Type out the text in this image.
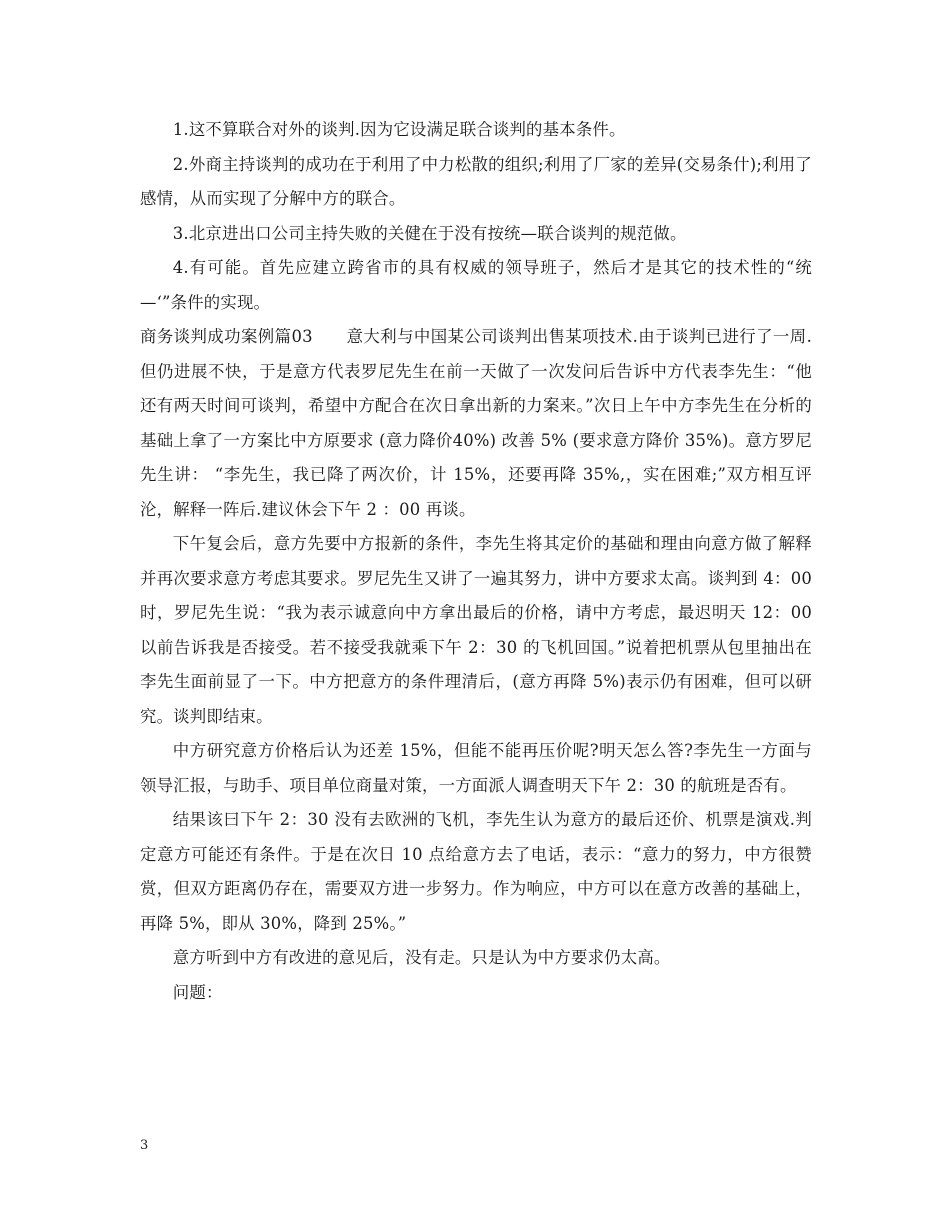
1.这不算联合对外的谈判.因为它设满足联合谈判的基本条件。

2.外商主持谈判的成功在于利用了中力松散的组织;利用了厂家的差异(交易条什);利用了感情，从而实现了分解中方的联合。

3.北京进出口公司主持失败的关健在于没有按统—联合谈判的规范做。

4.有可能。首先应建立跨省市的具有权威的领导班子，然后才是其它的技术性的“统—‘”条件的实现。

商务谈判成功案例篇03　　意大利与中国某公司谈判出售某项技术.由于谈判已进行了一周.但仍进展不快，于是意方代表罗尼先生在前一天做了一次发问后告诉中方代表李先生：“他还有两天时间可谈判，希望中方配合在次日拿出新的力案来。”次日上午中方李先生在分析的基础上拿了一方案比中方原要求 (意力降价40%) 改善 5% (要求意方降价 35%)。意方罗尼先生讲： “李先生，我已降了两次价，计 15%，还要再降 35%,，实在困难;”双方相互评沦，解释一阵后.建议休会下午 2 ：00 再谈。

下午复会后，意方先要中方报新的条件，李先生将其定价的基础和理由向意方做了解释并再次要求意方考虑其要求。罗尼先生又讲了一遍其努力，讲中方要求太高。谈判到 4：00 时，罗尼先生说：“我为表示诚意向中方拿出最后的价格，请中方考虑，最迟明天 12：00 以前告诉我是否接受。若不接受我就乘下午 2：30 的飞机回国。”说着把机票从包里抽出在李先生面前显了一下。中方把意方的条件理清后，(意方再降 5%)表示仍有困难，但可以研究。谈判即结束。

中方研究意方价格后认为还差 15%，但能不能再压价呢?明天怎么答?李先生一方面与领导汇报，与助手、项目单位商量对策，一方面派人调查明天下午 2：30 的航班是否有。

结果该曰下午 2：30 没有去欧洲的飞机，李先生认为意方的最后还价、机票是演戏.判定意方可能还有条件。于是在次日 10 点给意方去了电话，表示：“意力的努力，中方很赞赏，但双方距离仍存在，需要双方进一步努力。作为响应，中方可以在意方改善的基础上，再降 5%，即从 30%，降到 25%。”

意方听到中方有改进的意见后，没有走。只是认为中方要求仍太高。

问题：

3
